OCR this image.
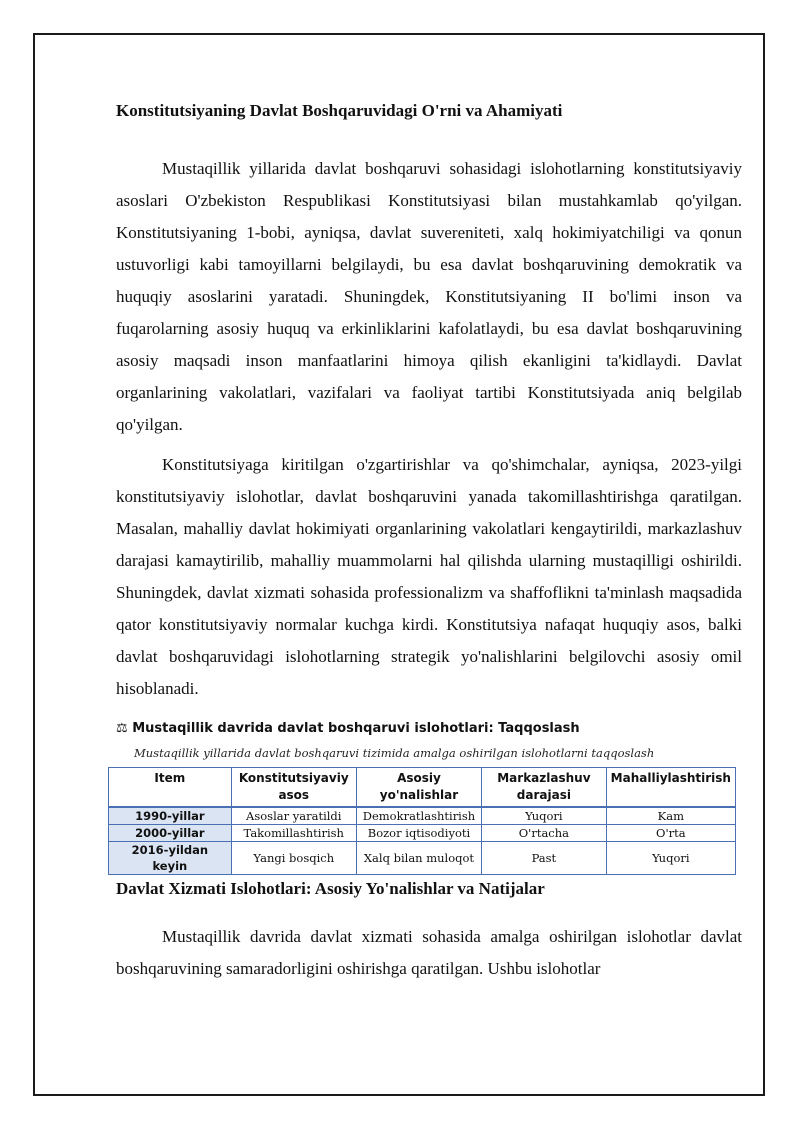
Konstitutsiyaning Davlat Boshqaruvidagi O'rni va Ahamiyati

Mustaqillik yillarida davlat boshqaruvi sohasidagi islohotlarning konstitutsiyaviy asoslari O'zbekiston Respublikasi Konstitutsiyasi bilan mustahkamlab qo'yilgan. Konstitutsiyaning 1-bobi, ayniqsa, davlat suvereniteti, xalq hokimiyatchiligi va qonun ustuvorligi kabi tamoyillarni belgilaydi, bu esa davlat boshqaruvining demokratik va huquqiy asoslarini yaratadi. Shuningdek, Konstitutsiyaning II bo'limi inson va fuqarolarning asosiy huquq va erkinliklarini kafolatlaydi, bu esa davlat boshqaruvining asosiy maqsadi inson manfaatlarini himoya qilish ekanligini ta'kidlaydi. Davlat organlarining vakolatlari, vazifalari va faoliyat tartibi Konstitutsiyada aniq belgilab qo'yilgan.

Konstitutsiyaga kiritilgan o'zgartirishlar va qo'shimchalar, ayniqsa, 2023-yilgi konstitutsiyaviy islohotlar, davlat boshqaruvini yanada takomillashtirishga qaratilgan. Masalan, mahalliy davlat hokimiyati organlarining vakolatlari kengaytirildi, markazlashuv darajasi kamaytirilib, mahalliy muammolarni hal qilishda ularning mustaqilligi oshirildi. Shuningdek, davlat xizmati sohasida professionalizm va shaffoflikni ta'minlash maqsadida qator konstitutsiyaviy normalar kuchga kirdi. Konstitutsiya nafaqat huquqiy asos, balki davlat boshqaruvidagi islohotlarning strategik yo'nalishlarini belgilovchi asosiy omil hisoblanadi.

⚖ Mustaqillik davrida davlat boshqaruvi islohotlari: Taqqoslash
Mustaqillik yillarida davlat boshqaruvi tizimida amalga oshirilgan islohotlarni taqqoslash
Item	Konstitutsiyaviy asos	Asosiy yo'nalishlar	Markazlashuv darajasi	Mahalliylashtirish
1990-yillar	Asoslar yaratildi	Demokratlashtirish	Yuqori	Kam
2000-yillar	Takomillashtirish	Bozor iqtisodiyoti	O'rtacha	O'rta
2016-yildan keyin	Yangi bosqich	Xalq bilan muloqot	Past	Yuqori
Davlat Xizmati Islohotlari: Asosiy Yo'nalishlar va Natijalar

Mustaqillik davrida davlat xizmati sohasida amalga oshirilgan islohotlar davlat boshqaruvining samaradorligini oshirishga qaratilgan. Ushbu islohotlar
